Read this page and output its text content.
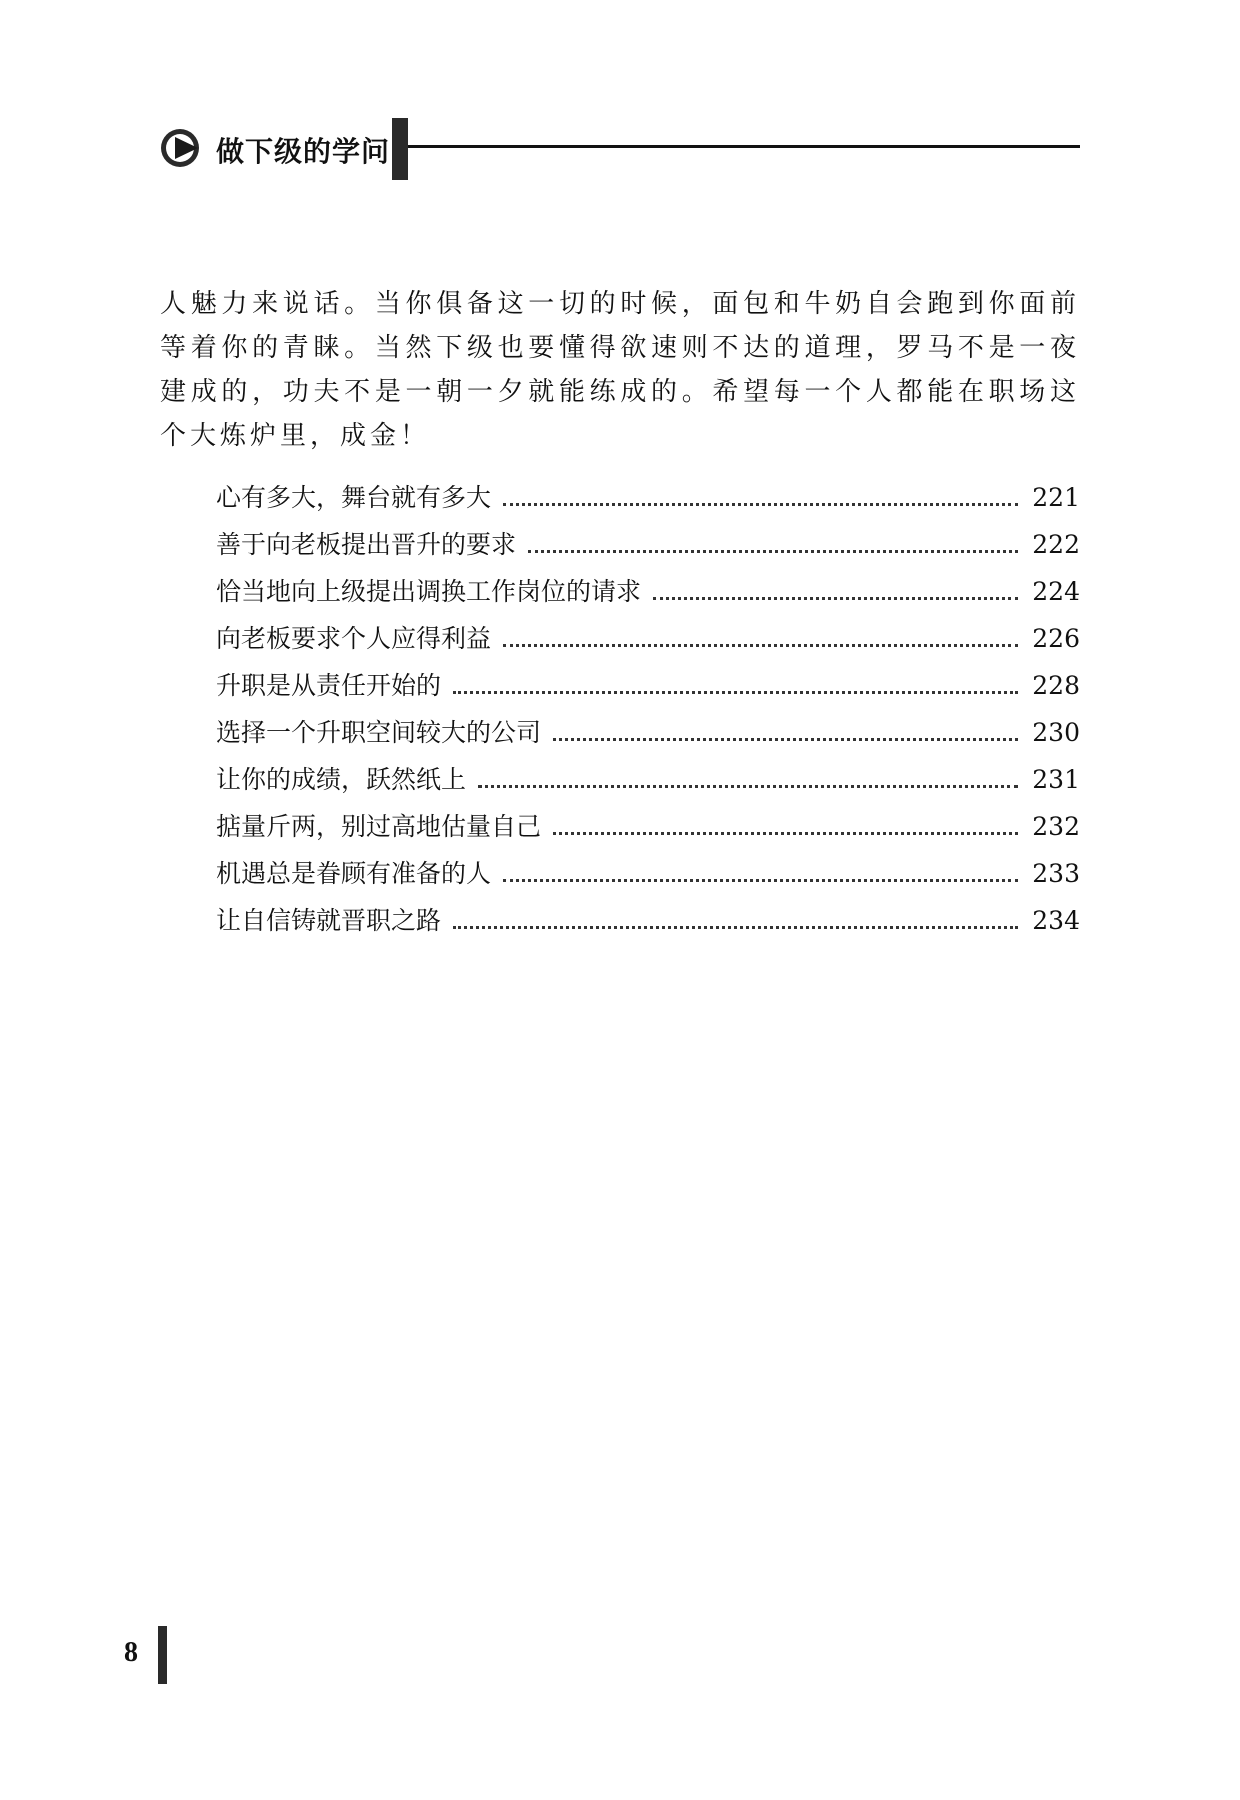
做下级的学问

人魅力来说话。当你俱备这一切的时候，面包和牛奶自会跑到你面前等着你的青睐。当然下级也要懂得欲速则不达的道理，罗马不是一夜建成的，功夫不是一朝一夕就能练成的。希望每一个人都能在职场这个大炼炉里，成金！

心有多大，舞台就有多大	221
善于向老板提出晋升的要求	222
恰当地向上级提出调换工作岗位的请求	224
向老板要求个人应得利益	226
升职是从责任开始的	228
选择一个升职空间较大的公司	230
让你的成绩，跃然纸上	231
掂量斤两，别过高地估量自己	232
机遇总是眷顾有准备的人	233
让自信铸就晋职之路	234
8
